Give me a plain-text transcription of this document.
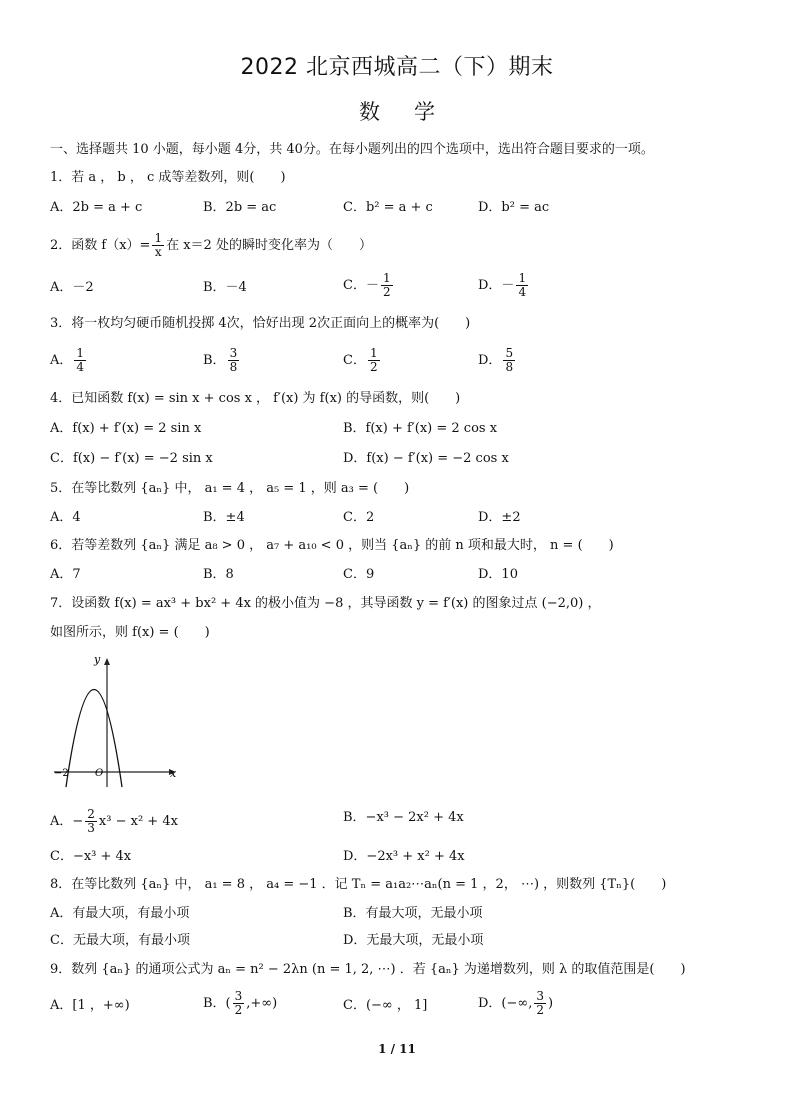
2022 北京西城高二（下）期末
数学
一、选择题共 10 小题，每小题 4分，共 40分。在每小题列出的四个选项中，选出符合题目要求的一项。
1．若 a ， b ， c 成等差数列，则(　　)
A．2b = a + c	B．2b = ac	C．b² = a + c	D．b² = ac
2．函数 $f(x)= \frac{1}{x}$ 在 x＝2 处的瞬时变化率为（　　）
A．－2	B．－4	C．－ $\frac{1}{2}$	D．－ $\frac{1}{4}$
3．将一枚均匀硬币随机投掷 4次，恰好出现 2次正面向上的概率为(　　)
A． $\frac{1}{4}$	B． $\frac{3}{8}$	C． $\frac{1}{2}$	D． $\frac{5}{8}$
4．已知函数 f(x) = sin x + cos x ， f′(x) 为 f(x) 的导函数，则(　　)
A．f(x) + f′(x) = 2 sin x	B．f(x) + f′(x) = 2 cos x
C．f(x) − f′(x) = −2 sin x	D．f(x) − f′(x) = −2 cos x
5．在等比数列 {aₙ} 中， a₁ = 4 ， a₅ = 1 ，则 a₃ = (　　)
A．4	B．±4	C．2	D．±2
6．若等差数列 {aₙ} 满足 a₈ > 0 ， a₇ + a₁₀ < 0 ，则当 {aₙ} 的前 n 项和最大时， n = (　　)
A．7	B．8	C．9	D．10
7．设函数 f(x) = ax³ + bx² + 4x 的极小值为 −8 ，其导函数 y = f′(x) 的图象过点 (−2,0) ，
如图所示，则 f(x) = (　　)
y
x
O
−2
A．− $\frac{2}{3} x^3 - x^2 + 4x$	B．−x³ − 2x² + 4x
C．−x³ + 4x	D．−2x³ + x² + 4x
8．在等比数列 {aₙ} 中， a₁ = 8 ， a₄ = −1 ．记 Tₙ = a₁a₂⋯aₙ(n = 1 ，2， ⋯) ，则数列 {Tₙ}(　　)
A．有最大项，有最小项	B．有最大项，无最小项
C．无最大项，有最小项	D．无最大项，无最小项
9．数列 {aₙ} 的通项公式为 aₙ = n² − 2λn (n = 1, 2, ⋯) ．若 {aₙ} 为递增数列，则 λ 的取值范围是(　　)
A．[1 ，+∞)	B．( $\frac{3}{2}$ ,+∞)	C．(−∞ ， 1]	D．(−∞, $\frac{3}{2}$ )
1 / 11
